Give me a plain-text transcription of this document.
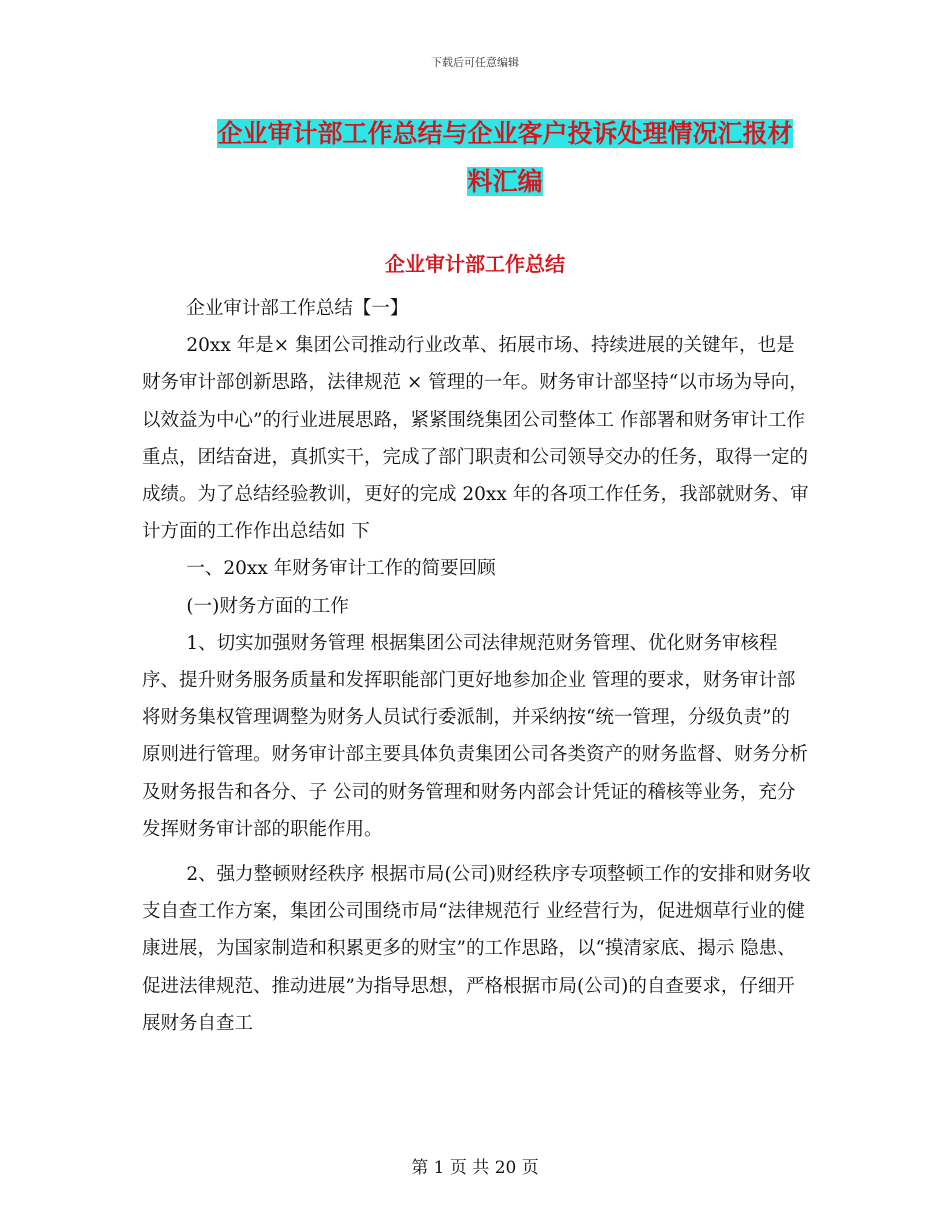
下载后可任意编辑
企业审计部工作总结与企业客户投诉处理情况汇报材
料汇编
企业审计部工作总结

企业审计部工作总结【一】

20xx 年是× 集团公司推动行业改革、拓展市场、持续进展的关键年，也是财务审计部创新思路，法律规范 × 管理的一年。财务审计部坚持“以市场为导向，以效益为中心”的行业进展思路，紧紧围绕集团公司整体工 作部署和财务审计工作重点，团结奋进，真抓实干，完成了部门职责和公司领导交办的任务，取得一定的 成绩。为了总结经验教训，更好的完成 20xx 年的各项工作任务，我部就财务、审计方面的工作作出总结如 下

一、20xx 年财务审计工作的简要回顾

(一)财务方面的工作

1、切实加强财务管理 根据集团公司法律规范财务管理、优化财务审核程序、提升财务服务质量和发挥职能部门更好地参加企业 管理的要求，财务审计部将财务集权管理调整为财务人员试行委派制，并采纳按“统一管理，分级负责”的 原则进行管理。财务审计部主要具体负责集团公司各类资产的财务监督、财务分析及财务报告和各分、子 公司的财务管理和财务内部会计凭证的稽核等业务，充分发挥财务审计部的职能作用。

2、强力整顿财经秩序 根据市局(公司)财经秩序专项整顿工作的安排和财务收支自查工作方案，集团公司围绕市局“法律规范行 业经营行为，促进烟草行业的健康进展，为国家制造和积累更多的财宝”的工作思路，以“摸清家底、揭示 隐患、促进法律规范、推动进展”为指导思想，严格根据市局(公司)的自查要求，仔细开展财务自查工

第 1 页 共 20 页
